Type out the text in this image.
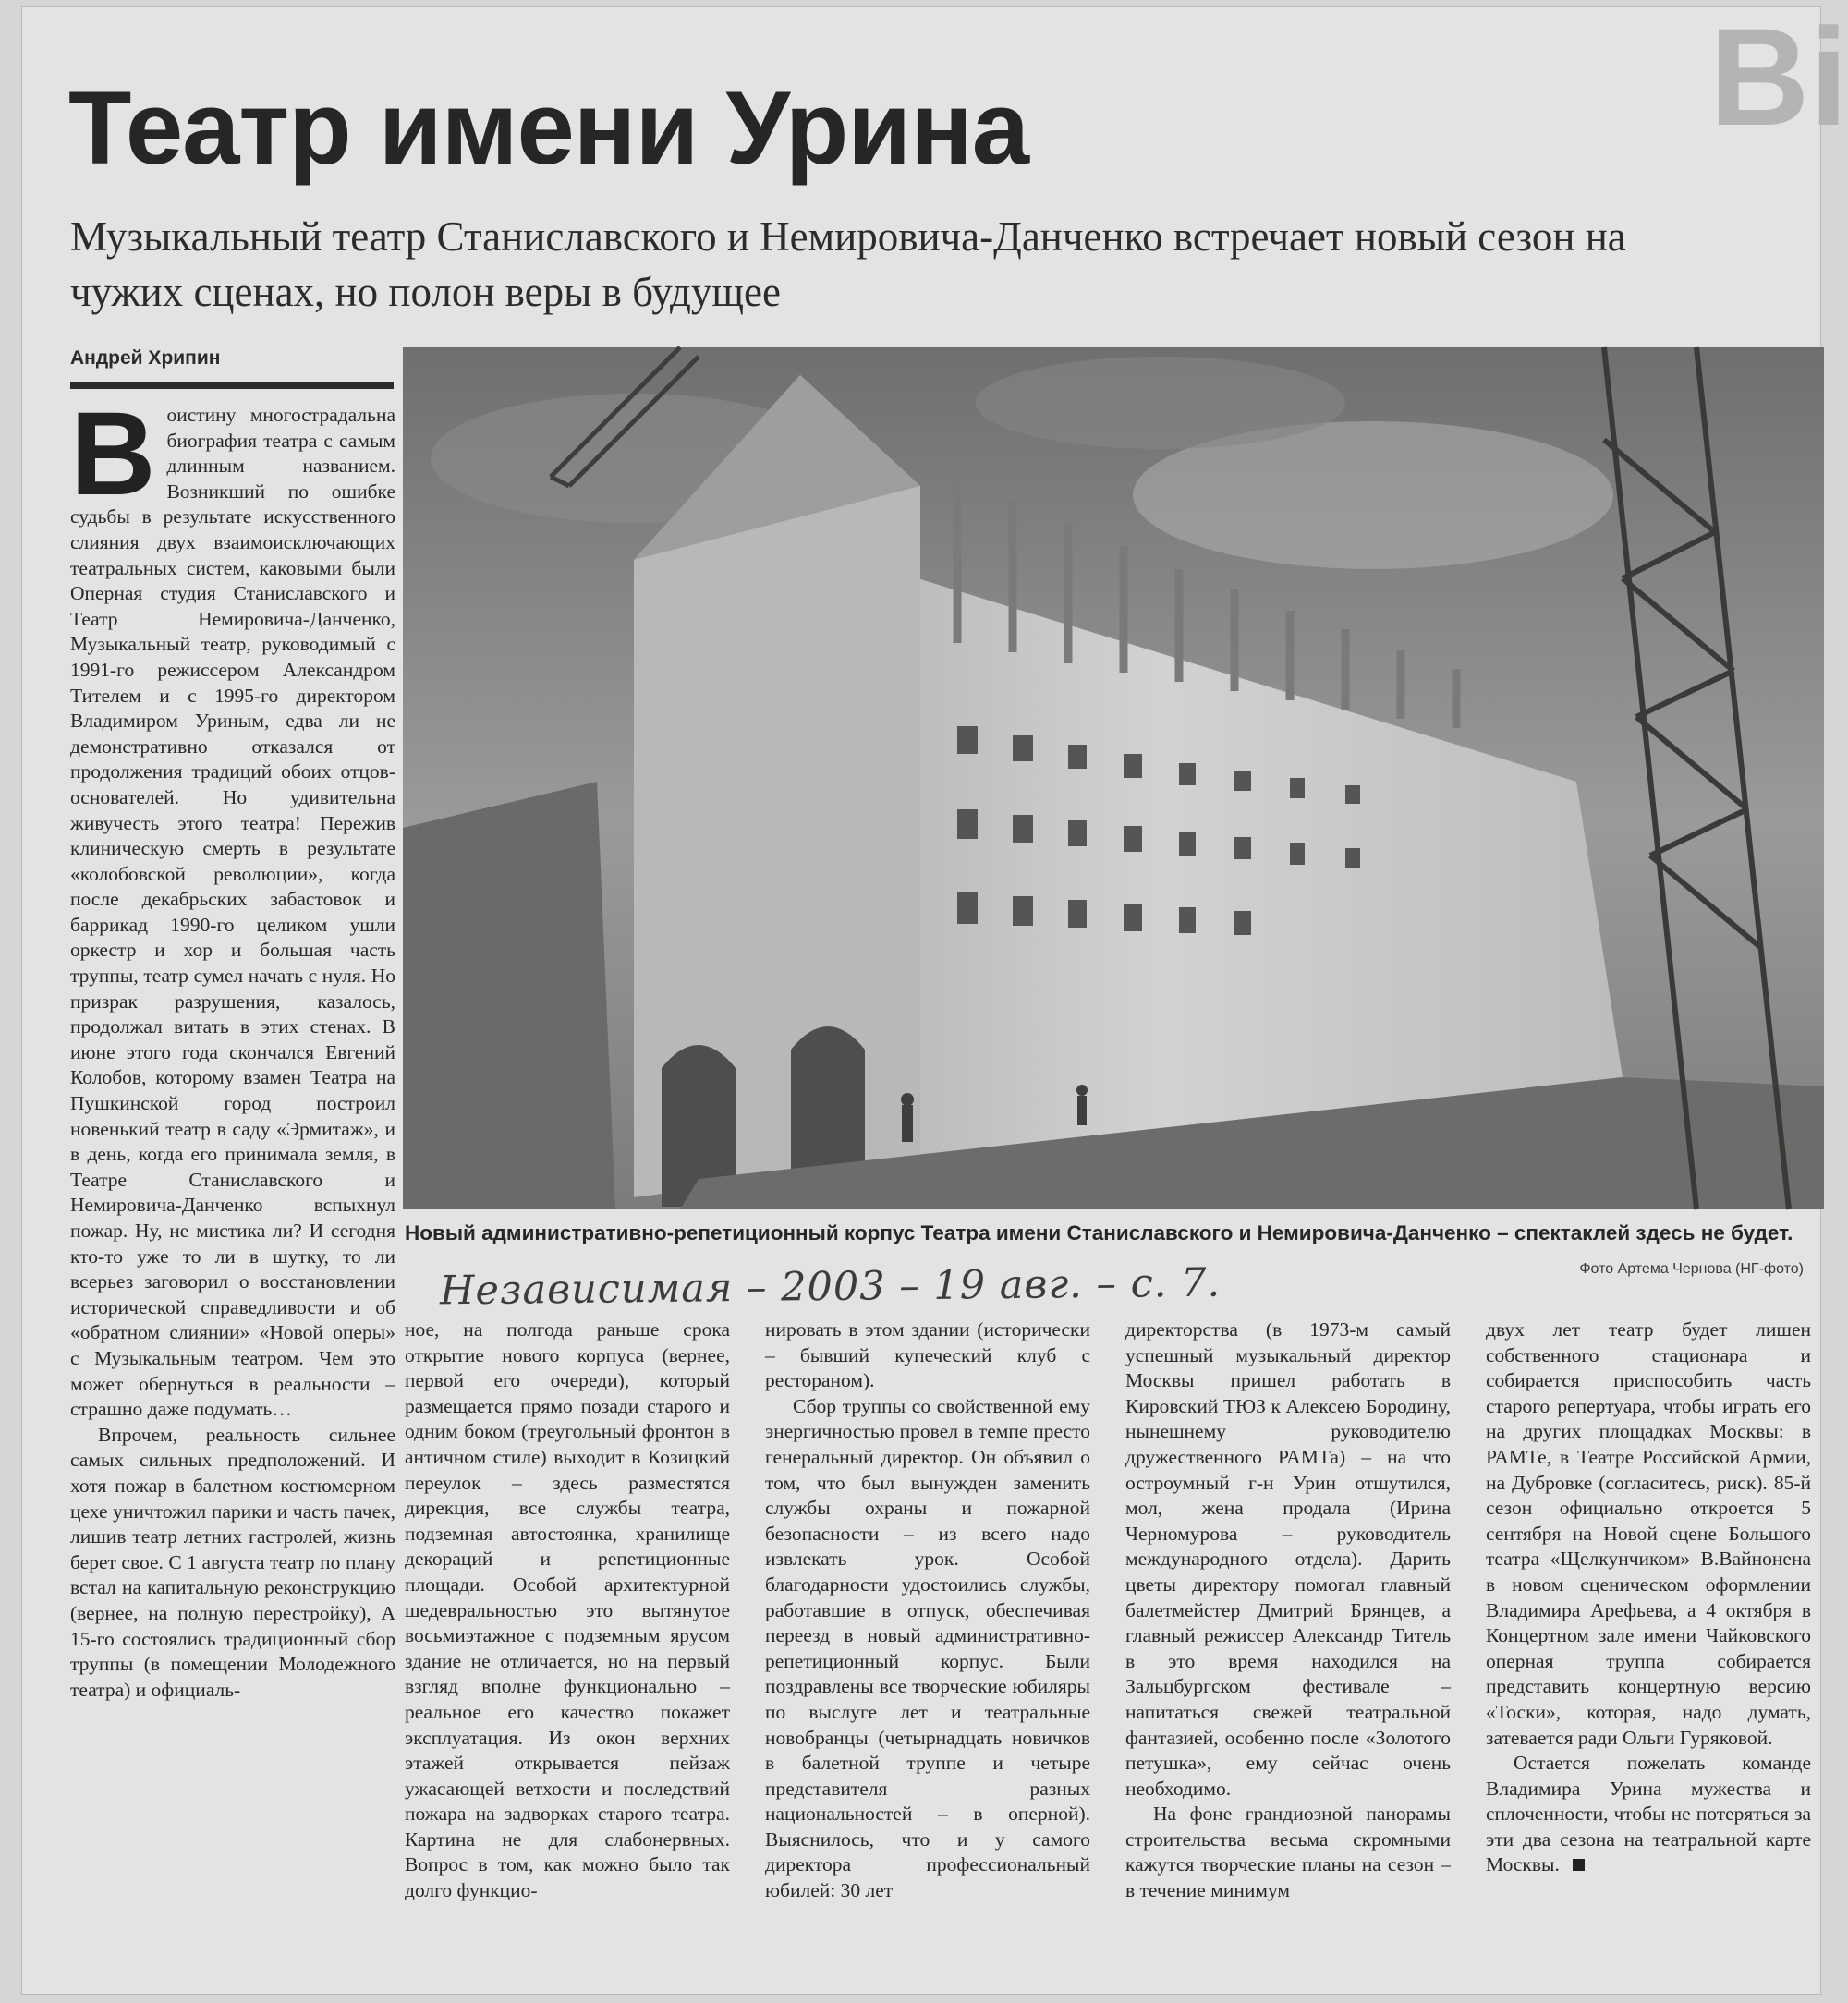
Bi
Театр имени Урина

Музыкальный театр Станиславского и Немировича-Данченко встречает новый сезон на чужих сценах, но полон веры в будущее

Андрей Хрипин

Воистину многострадальна биография театра с самым длинным названием. Возникший по ошибке судьбы в результате искусственного слияния двух взаимоисключающих театральных систем, каковыми были Оперная студия Станиславского и Театр Немировича-Данченко, Музыкальный театр, руководимый с 1991-го режиссером Александром Тителем и с 1995-го директором Владимиром Уриным, едва ли не демонстративно отказался от продолжения традиций обоих отцов-основателей. Но удивительна живучесть этого театра! Пережив клиническую смерть в результате «колобовской революции», когда после декабрьских забастовок и баррикад 1990-го целиком ушли оркестр и хор и большая часть труппы, театр сумел начать с нуля. Но призрак разрушения, казалось, продолжал витать в этих стенах. В июне этого года скончался Евгений Колобов, которому взамен Театра на Пушкинской город построил новенький театр в саду «Эрмитаж», и в день, когда его принимала земля, в Театре Станиславского и Немировича-Данченко вспыхнул пожар. Ну, не мистика ли? И сегодня кто-то уже то ли в шутку, то ли всерьез заговорил о восстановлении исторической справедливости и об «обратном слиянии» «Новой оперы» с Музыкальным театром. Чем это может обернуться в реальности – страшно даже подумать…

Впрочем, реальность сильнее самых сильных предположений. И хотя пожар в балетном костюмерном цехе уничтожил парики и часть пачек, лишив театр летних гастролей, жизнь берет свое. С 1 августа театр по плану встал на капитальную реконструкцию (вернее, на полную перестройку), А 15-го состоялись традиционный сбор труппы (в помещении Молодежного театра) и официаль-

Новый административно-репетиционный корпус Театра имени Станиславского и Немировича-Данченко – спектаклей здесь не будет.
Фото Артема Чернова (НГ-фото)
Независимая – 2003 – 19 авг. – с. 7.

ное, на полгода раньше срока открытие нового корпуса (вернее, первой его очереди), который размещается прямо позади старого и одним боком (треугольный фронтон в античном стиле) выходит в Козицкий переулок – здесь разместятся дирекция, все службы театра, подземная автостоянка, хранилище декораций и репетиционные площади. Особой архитектурной шедевральностью это вытянутое восьмиэтажное с подземным ярусом здание не отличается, но на первый взгляд вполне функционально – реальное его качество покажет эксплуатация. Из окон верхних этажей открывается пейзаж ужасающей ветхости и последствий пожара на задворках старого театра. Картина не для слабонервных. Вопрос в том, как можно было так долго функцио-

нировать в этом здании (исторически – бывший купеческий клуб с рестораном).

Сбор труппы со свойственной ему энергичностью провел в темпе престо генеральный директор. Он объявил о том, что был вынужден заменить службы охраны и пожарной безопасности – из всего надо извлекать урок. Особой благодарности удостоились службы, работавшие в отпуск, обеспечивая переезд в новый административно-репетиционный корпус. Были поздравлены все творческие юбиляры по выслуге лет и театральные новобранцы (четырнадцать новичков в балетной труппе и четыре представителя разных национальностей – в оперной). Выяснилось, что и у самого директора профессиональный юбилей: 30 лет

директорства (в 1973-м самый успешный музыкальный директор Москвы пришел работать в Кировский ТЮЗ к Алексею Бородину, нынешнему руководителю дружественного РАМТа) – на что остроумный г-н Урин отшутился, мол, жена продала (Ирина Черномурова – руководитель международного отдела). Дарить цветы директору помогал главный балетмейстер Дмитрий Брянцев, а главный режиссер Александр Титель в это время находился на Зальцбургском фестивале – напитаться свежей театральной фантазией, особенно после «Золотого петушка», ему сейчас очень необходимо.

На фоне грандиозной панорамы строительства весьма скромными кажутся творческие планы на сезон – в течение минимум

двух лет театр будет лишен собственного стационара и собирается приспособить часть старого репертуара, чтобы играть его на других площадках Москвы: в РАМТе, в Театре Российской Армии, на Дубровке (согласитесь, риск). 85-й сезон официально откроется 5 сентября на Новой сцене Большого театра «Щелкунчиком» В.Вайнонена в новом сценическом оформлении Владимира Арефьева, а 4 октября в Концертном зале имени Чайковского оперная труппа собирается представить концертную версию «Тоски», которая, надо думать, затевается ради Ольги Гуряковой.

Остается пожелать команде Владимира Урина мужества и сплоченности, чтобы не потеряться за эти два сезона на театральной карте Москвы.
